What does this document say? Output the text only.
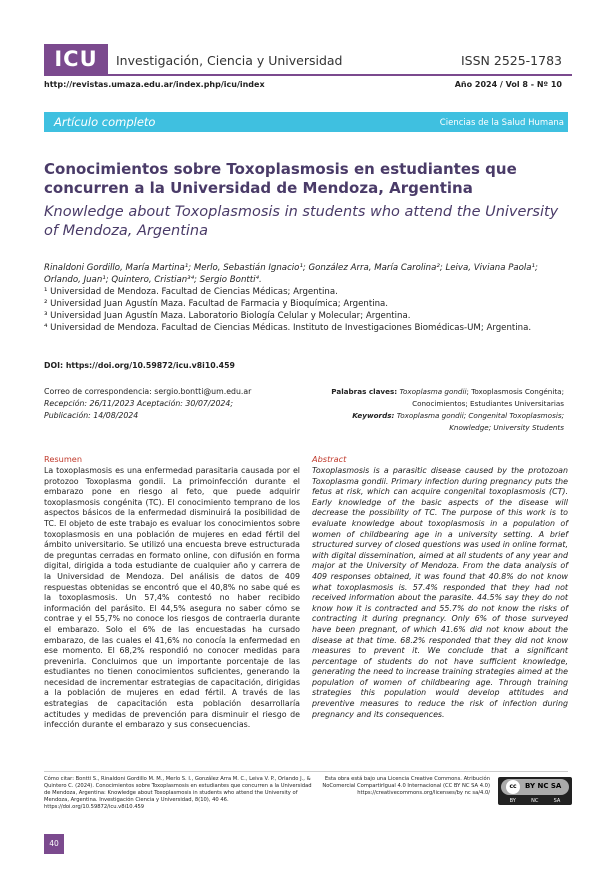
ICU	Investigación, Ciencia y Universidad	ISSN 2525-1783
http://revistas.umaza.edu.ar/index.php/icu/index	Año 2024 / Vol 8 - Nº 10
Artículo completo	Ciencias de la Salud Humana
Conocimientos sobre Toxoplasmosis en estudiantes que concurren a la Universidad de Mendoza, Argentina
Knowledge about Toxoplasmosis in students who attend the University of Mendoza, Argentina
Rinaldoni Gordillo, María Martina¹; Merlo, Sebastián Ignacio¹; González Arra, María Carolina²; Leiva, Viviana Paola¹; Orlando, Juan¹; Quintero, Cristian³⁴; Sergio Bontti⁴.
¹ Universidad de Mendoza. Facultad de Ciencias Médicas; Argentina.
² Universidad Juan Agustín Maza. Facultad de Farmacia y Bioquímica; Argentina.
³ Universidad Juan Agustín Maza. Laboratorio Biología Celular y Molecular; Argentina.
⁴ Universidad de Mendoza. Facultad de Ciencias Médicas. Instituto de Investigaciones Biomédicas-UM; Argentina.
DOI: https://doi.org/10.59872/icu.v8i10.459
Correo de correspondencia: sergio.bontti@um.edu.ar
Recepción: 26/11/2023 Aceptación: 30/07/2024;
Publicación: 14/08/2024
Palabras claves: Toxoplasma gondii; Toxoplasmosis Congénita;
Conocimientos; Estudiantes Universitarias
Keywords: Toxoplasma gondii; Congenital Toxoplasmosis;
Knowledge; University Students
Resumen
La toxoplasmosis es una enfermedad parasitaria causada por el protozoo Toxoplasma gondii. La primoinfección durante el embarazo pone en riesgo al feto, que puede adquirir toxoplasmosis congénita (TC). El conocimiento temprano de los aspectos básicos de la enfermedad disminuirá la posibilidad de TC. El objeto de este trabajo es evaluar los conocimientos sobre toxoplasmosis en una población de mujeres en edad fértil del ámbito universitario. Se utilizó una encuesta breve estructurada de preguntas cerradas en formato online, con difusión en forma digital, dirigida a toda estudiante de cualquier año y carrera de la Universidad de Mendoza. Del análisis de datos de 409 respuestas obtenidas se encontró que el 40,8% no sabe qué es la toxoplasmosis. Un 57,4% contestó no haber recibido información del parásito. El 44,5% asegura no saber cómo se contrae y el 55,7% no conoce los riesgos de contraerla durante el embarazo. Solo el 6% de las encuestadas ha cursado embarazo, de las cuales el 41,6% no conocía la enfermedad en ese momento. El 68,2% respondió no conocer medidas para prevenirla. Concluimos que un importante porcentaje de las estudiantes no tienen conocimientos suficientes, generando la necesidad de incrementar estrategias de capacitación, dirigidas a la población de mujeres en edad fértil. A través de las estrategias de capacitación esta población desarrollaría actitudes y medidas de prevención para disminuir el riesgo de infección durante el embarazo y sus consecuencias.
Abstract
Toxoplasmosis is a parasitic disease caused by the protozoan Toxoplasma gondii. Primary infection during pregnancy puts the fetus at risk, which can acquire congenital toxoplasmosis (CT). Early knowledge of the basic aspects of the disease will decrease the possibility of TC. The purpose of this work is to evaluate knowledge about toxoplasmosis in a population of women of childbearing age in a university setting. A brief structured survey of closed questions was used in online format, with digital dissemination, aimed at all students of any year and major at the University of Mendoza. From the data analysis of 409 responses obtained, it was found that 40.8% do not know what toxoplasmosis is. 57.4% responded that they had not received information about the parasite. 44.5% say they do not know how it is contracted and 55.7% do not know the risks of contracting it during pregnancy. Only 6% of those surveyed have been pregnant, of which 41.6% did not know about the disease at that time. 68.2% responded that they did not know measures to prevent it. We conclude that a significant percentage of students do not have sufficient knowledge, generating the need to increase training strategies aimed at the population of women of childbearing age. Through training strategies this population would develop attitudes and preventive measures to reduce the risk of infection during pregnancy and its consequences.
Cómo citar: Bontti S., Rinaldoni Gordillo M. M., Merlo S. I., González Arra M. C., Leiva V. P., Orlando J., & Quintero C. (2024). Conocimientos sobre Toxoplasmosis en estudiantes que concurren a la Universidad de Mendoza, Argentina: Knowledge about Toxoplasmosis in students who attend the University of Mendoza, Argentina. Investigación Ciencia y Universidad, 8(10), 40 46. https://doi.org/10.59872/icu.v8i10.459
Esta obra está bajo una Licencia Creative Commons. Atribución NoComercial CompartirIgual 4.0 Internacional (CC BY NC SA 4.0) https://creativecommons.org/licenses/by nc sa/4.0/
cc	BY NC SA
BY	NC	SA
40
